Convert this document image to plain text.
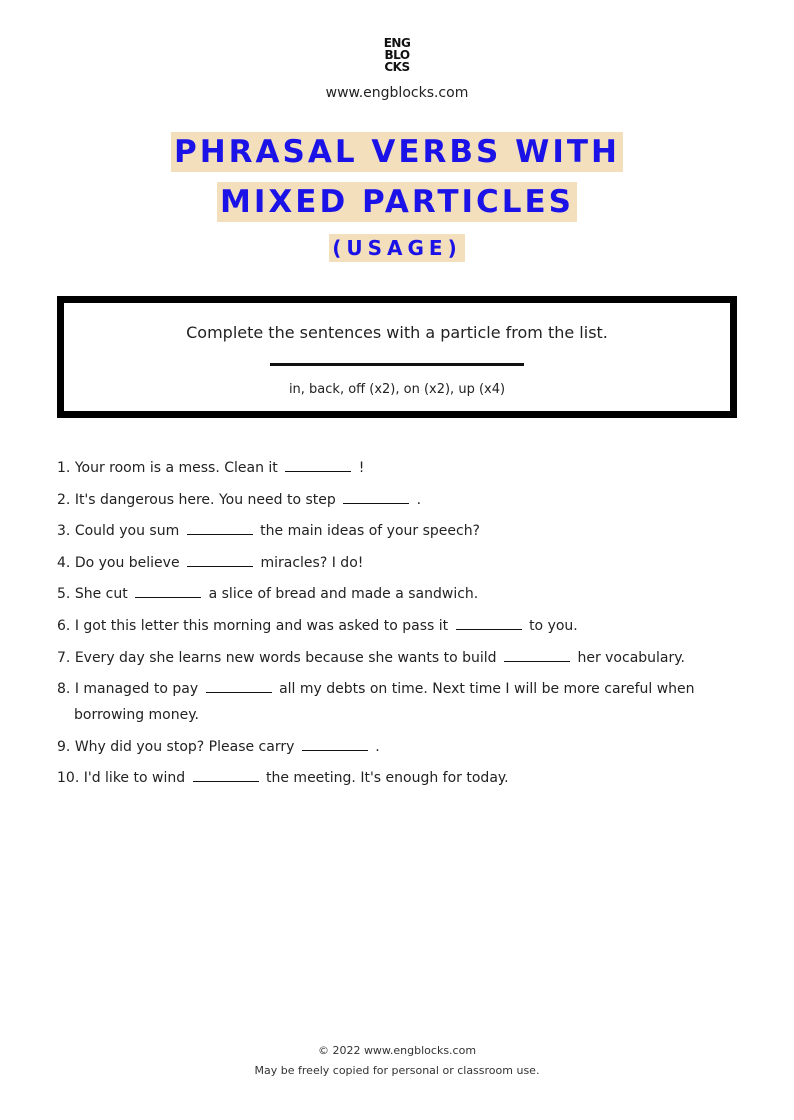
ENG
BLO
CKS
www.engblocks.com
PHRASAL VERBS WITH
MIXED PARTICLES
(USAGE)
Complete the sentences with a particle from the list.
in, back, off (x2), on (x2), up (x4)
1. Your room is a mess. Clean it	!
2. It's dangerous here. You need to step	.
3. Could you sum	the main ideas of your speech?
4. Do you believe	miracles? I do!
5. She cut	a slice of bread and made a sandwich.
6. I got this letter this morning and was asked to pass it	to you.
7. Every day she learns new words because she wants to build	her vocabulary.
8. I managed to pay	all my debts on time. Next time I will be more careful when
borrowing money.
9. Why did you stop? Please carry	.
10. I'd like to wind	the meeting. It's enough for today.
© 2022 www.engblocks.com
May be freely copied for personal or classroom use.
